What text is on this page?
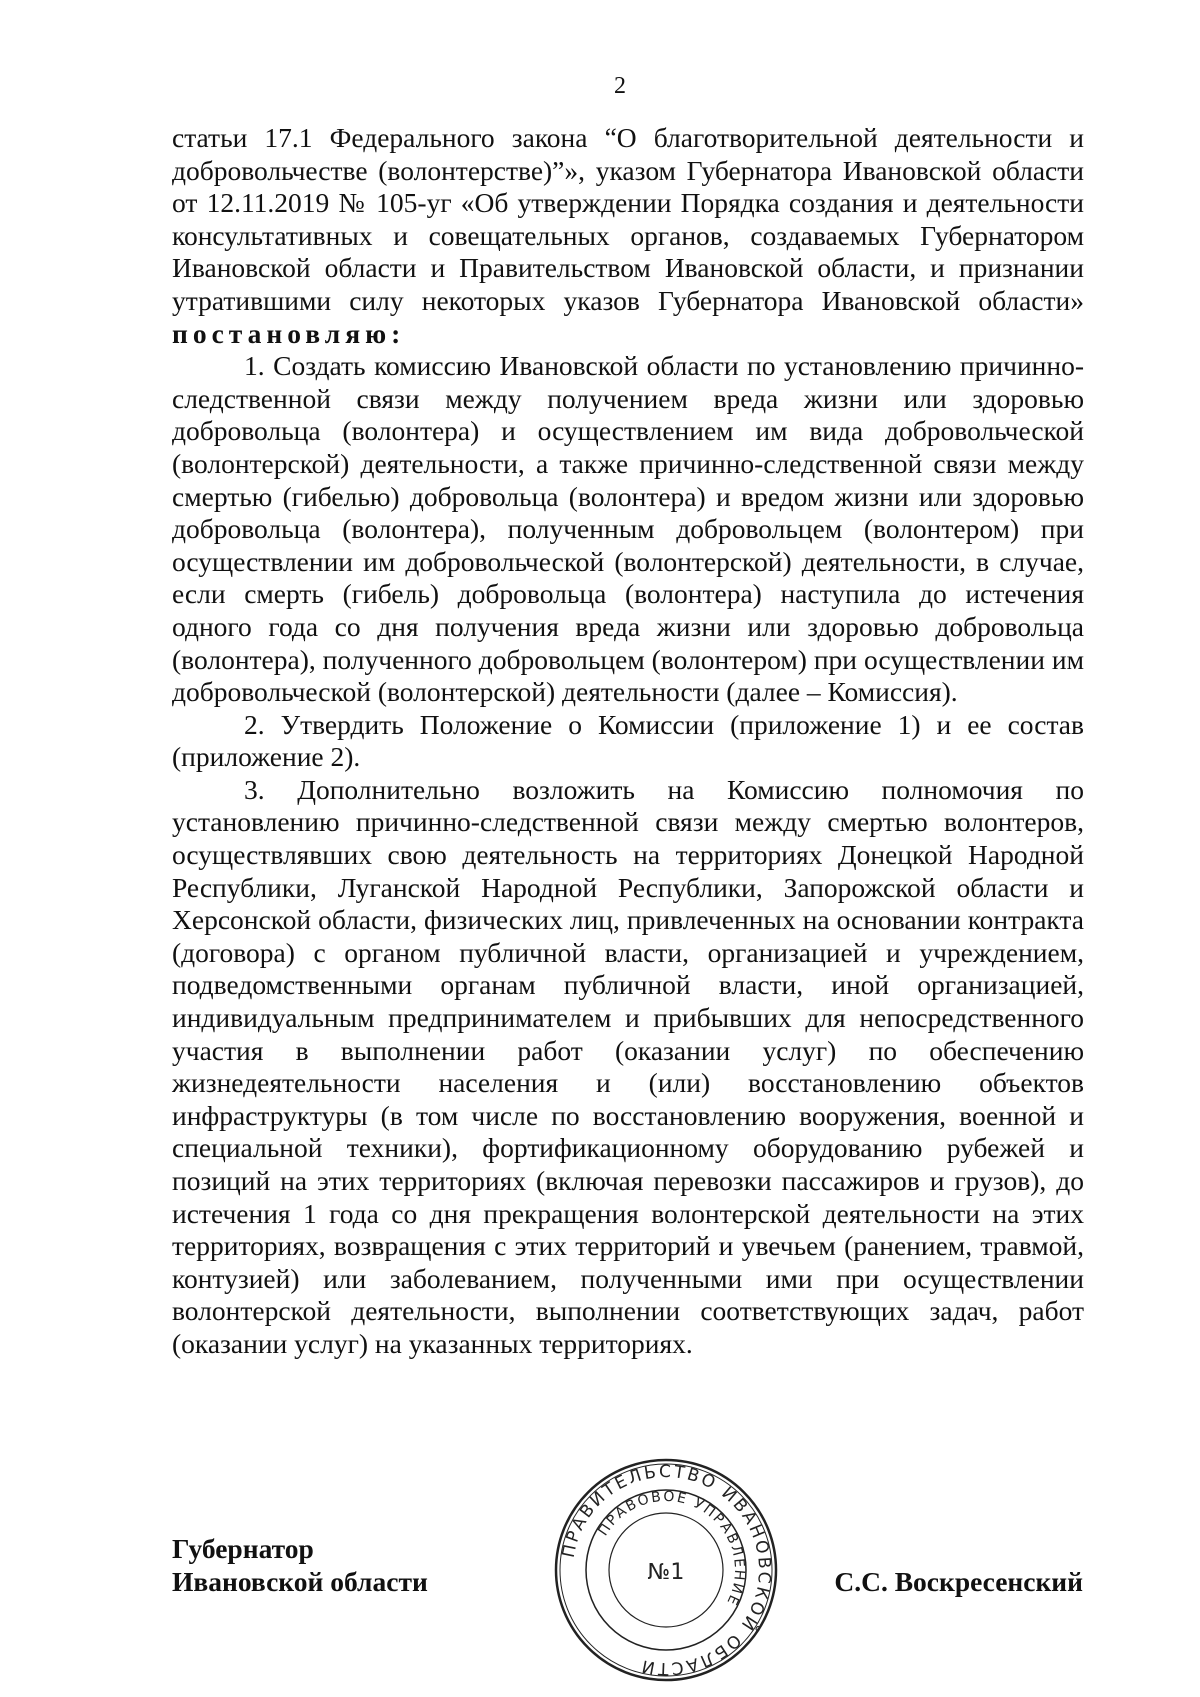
2

статьи 17.1 Федерального закона “О благотворительной деятельности и добровольчестве (волонтерстве)”», указом Губернатора Ивановской области от 12.11.2019 № 105-уг «Об утверждении Порядка создания и деятельности консультативных и совещательных органов, создаваемых Губернатором Ивановской области и Правительством Ивановской области, и признании утратившими силу некоторых указов Губернатора Ивановской области» постановляю:

1. Создать комиссию Ивановской области по установлению причинно-следственной связи между получением вреда жизни или здоровью добровольца (волонтера) и осуществлением им вида добровольческой (волонтерской) деятельности, а также причинно-следственной связи между смертью (гибелью) добровольца (волонтера) и вредом жизни или здоровью добровольца (волонтера), полученным добровольцем (волонтером) при осуществлении им добровольческой (волонтерской) деятельности, в случае, если смерть (гибель) добровольца (волонтера) наступила до истечения одного года со дня получения вреда жизни или здоровью добровольца (волонтера), полученного добровольцем (волонтером) при осуществлении им добровольческой (волонтерской) деятельности (далее – Комиссия).

2. Утвердить Положение о Комиссии (приложение 1) и ее состав (приложение 2).

3. Дополнительно возложить на Комиссию полномочия по установлению причинно-следственной связи между смертью волонтеров, осуществлявших свою деятельность на территориях Донецкой Народной Республики, Луганской Народной Республики, Запорожской области и Херсонской области, физических лиц, привлеченных на основании контракта (договора) с органом публичной власти, организацией и учреждением, подведомственными органам публичной власти, иной организацией, индивидуальным предпринимателем и прибывших для непосредственного участия в выполнении работ (оказании услуг) по обеспечению жизнедеятельности населения и (или) восстановлению объектов инфраструктуры (в том числе по восстановлению вооружения, военной и специальной техники), фортификационному оборудованию рубежей и позиций на этих территориях (включая перевозки пассажиров и грузов), до истечения 1 года со дня прекращения волонтерской деятельности на этих территориях, возвращения с этих территорий и увечьем (ранением, травмой, контузией) или заболеванием, полученными ими при осуществлении волонтерской деятельности, выполнении соответствующих задач, работ (оказании услуг) на указанных территориях.

Губернатор
Ивановской области
ПРАВИТЕЛЬСТВО ИВАНОВСКОЙ ОБЛАСТИ
ПРАВОВОЕ УПРАВЛЕНИЕ
№1	С.С. Воскресенский
